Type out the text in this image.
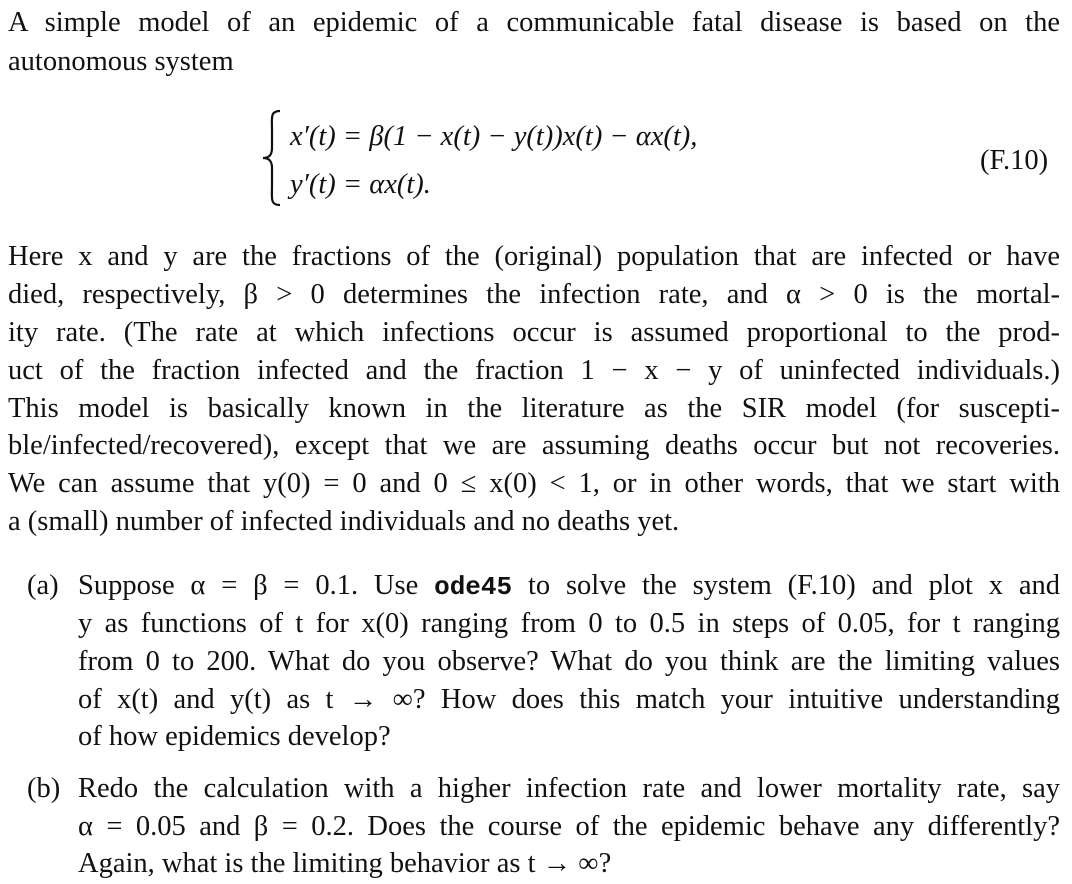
A simple model of an epidemic of a communicable fatal disease is based on the
autonomous system
x′(t) = β(1 − x(t) − y(t))x(t) − αx(t),
y′(t) = αx(t).
(F.10)
Here x and y are the fractions of the (original) population that are infected or have
died, respectively, β > 0 determines the infection rate, and α > 0 is the mortal-
ity rate. (The rate at which infections occur is assumed proportional to the prod-
uct of the fraction infected and the fraction 1 − x − y of uninfected individuals.)
This model is basically known in the literature as the SIR model (for suscepti-
ble/infected/recovered), except that we are assuming deaths occur but not recoveries.
We can assume that y(0) = 0 and 0 ≤ x(0) < 1, or in other words, that we start with
a (small) number of infected individuals and no deaths yet.
(a) Suppose α = β = 0.1. Use ode45 to solve the system (F.10) and plot x and
y as functions of t for x(0) ranging from 0 to 0.5 in steps of 0.05, for t ranging
from 0 to 200. What do you observe? What do you think are the limiting values
of x(t) and y(t) as t → ∞? How does this match your intuitive understanding
of how epidemics develop?
(b) Redo the calculation with a higher infection rate and lower mortality rate, say
α = 0.05 and β = 0.2. Does the course of the epidemic behave any differently?
Again, what is the limiting behavior as t → ∞?
